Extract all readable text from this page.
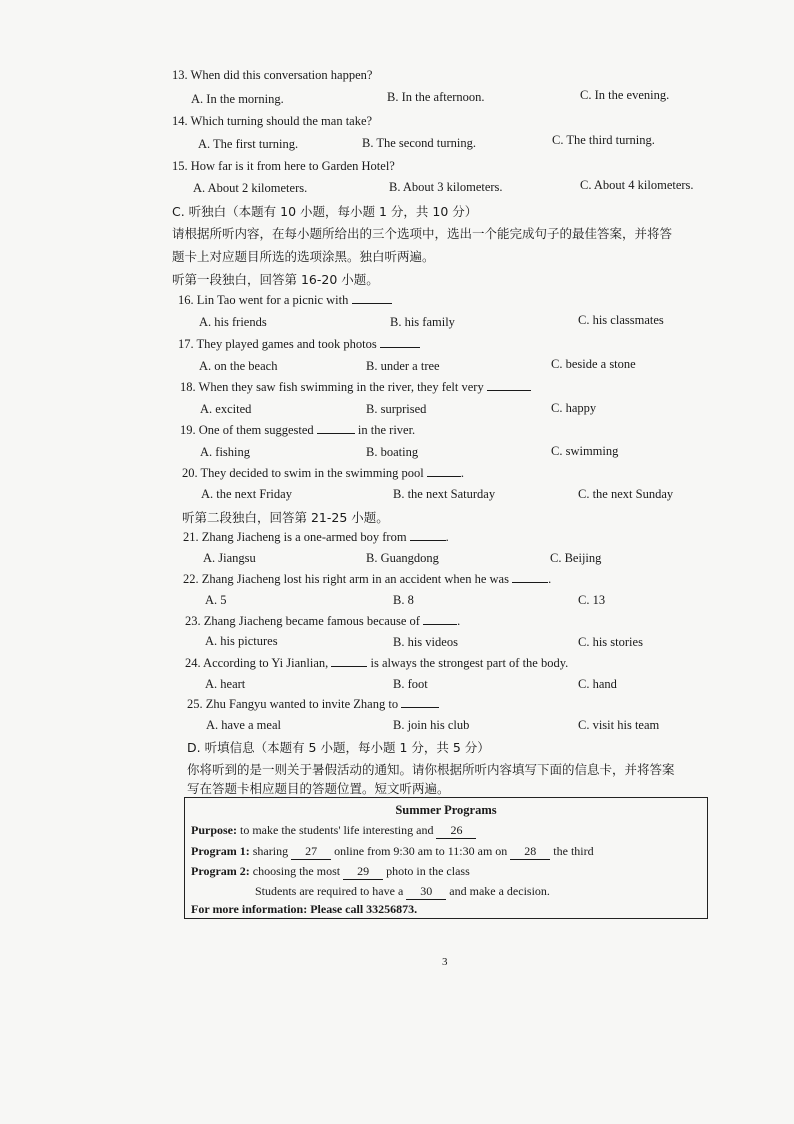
13. When did this conversation happen?
A. In the morning.	B. In the afternoon.	C. In the evening.
14. Which turning should the man take?
A. The first turning.	B. The second turning.	C. The third turning.
15. How far is it from here to Garden Hotel?
A. About 2 kilometers.	B. About 3 kilometers.	C. About 4 kilometers.
C. 听独白（本题有 10 小题，每小题 1 分，共 10 分）
请根据所听内容，在每小题所给出的三个选项中，选出一个能完成句子的最佳答案，并将答
题卡上对应题目所选的选项涂黑。独白听两遍。
听第一段独白，回答第 16-20 小题。
16. Lin Tao went for a picnic with
A. his friends	B. his family	C. his classmates
17. They played games and took photos
A. on the beach	B. under a tree	C. beside a stone
18. When they saw fish swimming in the river, they felt very
A. excited	B. surprised	C. happy
19. One of them suggested	in the river.
A. fishing	B. boating	C. swimming
20. They decided to swim in the swimming pool	.
A. the next Friday	B. the next Saturday	C. the next Sunday
听第二段独白，回答第 21-25 小题。
21. Zhang Jiacheng is a one-armed boy from	.
A. Jiangsu	B. Guangdong	C. Beijing
22. Zhang Jiacheng lost his right arm in an accident when he was	.
A. 5	B. 8	C. 13
23. Zhang Jiacheng became famous because of	.
A. his pictures	B. his videos	C. his stories
24. According to Yi Jianlian,	is always the strongest part of the body.
A. heart	B. foot	C. hand
25. Zhu Fangyu wanted to invite Zhang to
A. have a meal	B. join his club	C. visit his team
D. 听填信息（本题有 5 小题，每小题 1 分，共 5 分）
你将听到的是一则关于暑假活动的通知。请你根据所听内容填写下面的信息卡，并将答案
写在答题卡相应题目的答题位置。短文听两遍。
Summer Programs
Purpose: to make the students' life interesting and 26
Program 1: sharing 27 online from 9:30 am to 11:30 am on 28 the third
Program 2: choosing the most 29 photo in the class
Students are required to have a 30 and make a decision.
For more information: Please call 33256873.
3
